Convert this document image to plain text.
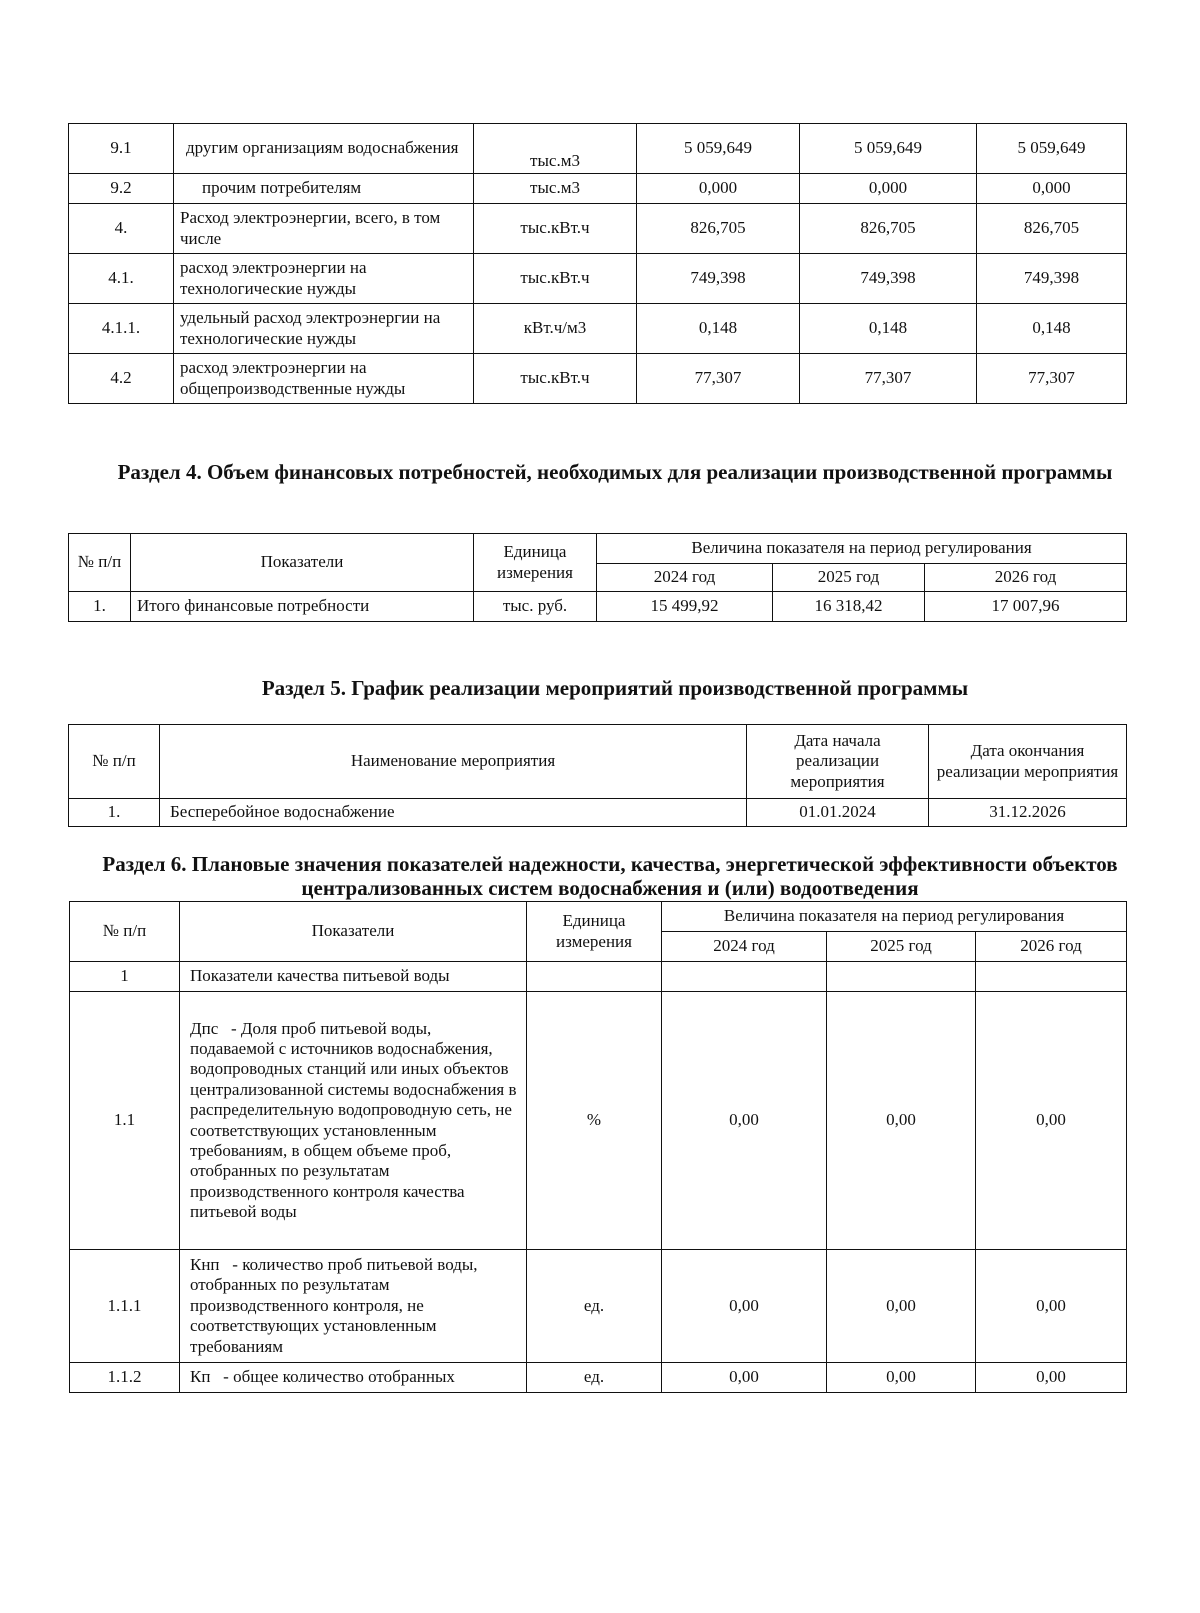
9.1	другим организациям водоснабжения	тыс.м3	5 059,649	5 059,649	5 059,649
9.2	прочим потребителям	тыс.м3	0,000	0,000	0,000
4.	Расход электроэнергии, всего, в том числе	тыс.кВт.ч	826,705	826,705	826,705
4.1.	расход электроэнергии на технологические нужды	тыс.кВт.ч	749,398	749,398	749,398
4.1.1.	удельный расход электроэнергии на технологические нужды	кВт.ч/м3	0,148	0,148	0,148
4.2	расход электроэнергии на общепроизводственные нужды	тыс.кВт.ч	77,307	77,307	77,307
Раздел 4. Объем финансовых потребностей, необходимых для реализации производственной программы
№ п/п	Показатели	Единица измерения	Величина показателя на период регулирования		
			2024 год	2025 год	2026 год
1.	Итого финансовые потребности	тыс. руб.	15 499,92	16 318,42	17 007,96
Раздел 5. График реализации мероприятий производственной программы
№ п/п	Наименование мероприятия	Дата начала реализации мероприятия	Дата окончания реализации мероприятия
1.	Бесперебойное водоснабжение	01.01.2024	31.12.2026
Раздел 6. Плановые значения показателей надежности, качества, энергетической эффективности объектов централизованных систем водоснабжения и (или) водоотведения
№ п/п	Показатели	Единица измерения	Величина показателя на период регулирования		
			2024 год	2025 год	2026 год
1	Показатели качества питьевой воды				
1.1	Дпс   - Доля проб питьевой воды, подаваемой с источников водоснабжения, водопроводных станций или иных объектов централизованной системы водоснабжения в распределительную водопроводную сеть, не соответствующих установленным требованиям, в общем объеме проб, отобранных по результатам производственного контроля качества питьевой воды	%	0,00	0,00	0,00
1.1.1	Кнп   - количество проб питьевой воды, отобранных по результатам производственного контроля, не соответствующих установленным требованиям	ед.	0,00	0,00	0,00
1.1.2	Кп   - общее количество отобранных	ед.	0,00	0,00	0,00
